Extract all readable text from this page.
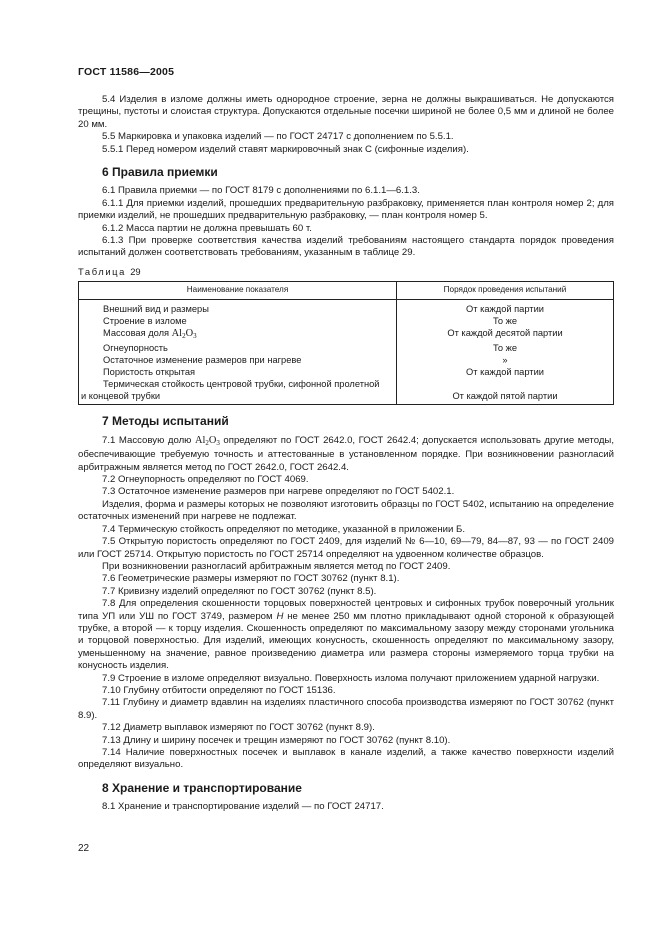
ГОСТ 11586—2005

5.4 Изделия в изломе должны иметь однородное строение, зерна не должны выкрашиваться. Не допускаются трещины, пустоты и слоистая структура. Допускаются отдельные посечки шириной не более 0,5 мм и длиной не более 20 мм.

5.5 Маркировка и упаковка изделий — по ГОСТ 24717 с дополнением по 5.5.1.

5.5.1 Перед номером изделий ставят маркировочный знак С (сифонные изделия).

6 Правила приемки

6.1 Правила приемки — по ГОСТ 8179 с дополнениями по 6.1.1—6.1.3.

6.1.1 Для приемки изделий, прошедших предварительную разбраковку, применяется план контроля номер 2; для приемки изделий, не прошедших предварительную разбраковку, — план контроля номер 5.

6.1.2 Масса партии не должна превышать 60 т.

6.1.3 При проверке соответствия качества изделий требованиям настоящего стандарта порядок проведения испытаний должен соответствовать требованиям, указанным в таблице 29.

Таблица 29
Наименование показателя	Порядок проведения испытаний

Внешний вид и размеры	От каждой партии

Строение в изломе	То же

Массовая доля $Al_2O_3$	От каждой десятой партии

Огнеупорность	То же

Остаточное изменение размеров при нагреве	»

Пористость открытая	От каждой партии

Термическая стойкость центровой трубки, сифонной пролетной
и концевой трубки	От каждой пятой партии
7 Методы испытаний

7.1 Массовую долю $Al_2O_3$ определяют по ГОСТ 2642.0, ГОСТ 2642.4; допускается использовать другие методы, обеспечивающие требуемую точность и аттестованные в установленном порядке. При возникновении разногласий арбитражным является метод по ГОСТ 2642.0, ГОСТ 2642.4.

7.2 Огнеупорность определяют по ГОСТ 4069.

7.3 Остаточное изменение размеров при нагреве определяют по ГОСТ 5402.1.

Изделия, форма и размеры которых не позволяют изготовить образцы по ГОСТ 5402, испытанию на определение остаточных изменений при нагреве не подлежат.

7.4 Термическую стойкость определяют по методике, указанной в приложении Б.

7.5 Открытую пористость определяют по ГОСТ 2409, для изделий № 6—10, 69—79, 84—87, 93 — по ГОСТ 2409 или ГОСТ 25714. Открытую пористость по ГОСТ 25714 определяют на удвоенном количестве образцов.

При возникновении разногласий арбитражным является метод по ГОСТ 2409.

7.6 Геометрические размеры измеряют по ГОСТ 30762 (пункт 8.1).

7.7 Кривизну изделий определяют по ГОСТ 30762 (пункт 8.5).

7.8 Для определения скошенности торцовых поверхностей центровых и сифонных трубок поверочный угольник типа УП или УШ по ГОСТ 3749, размером Н не менее 250 мм плотно прикладывают одной стороной к образующей трубке, а второй — к торцу изделия. Скошенность определяют по максимальному зазору между сторонами угольника и торцовой поверхностью. Для изделий, имеющих конусность, скошенность определяют по максимальному зазору, уменьшенному на значение, равное произведению диаметра или размера стороны измеряемого торца трубки на конусность изделия.

7.9 Строение в изломе определяют визуально. Поверхность излома получают приложением ударной нагрузки.

7.10 Глубину отбитости определяют по ГОСТ 15136.

7.11 Глубину и диаметр вдавлин на изделиях пластичного способа производства измеряют по ГОСТ 30762 (пункт 8.9).

7.12 Диаметр выплавок измеряют по ГОСТ 30762 (пункт 8.9).

7.13 Длину и ширину посечек и трещин измеряют по ГОСТ 30762 (пункт 8.10).

7.14 Наличие поверхностных посечек и выплавок в канале изделий, а также качество поверхности изделий определяют визуально.

8 Хранение и транспортирование

8.1 Хранение и транспортирование изделий — по ГОСТ 24717.

22
